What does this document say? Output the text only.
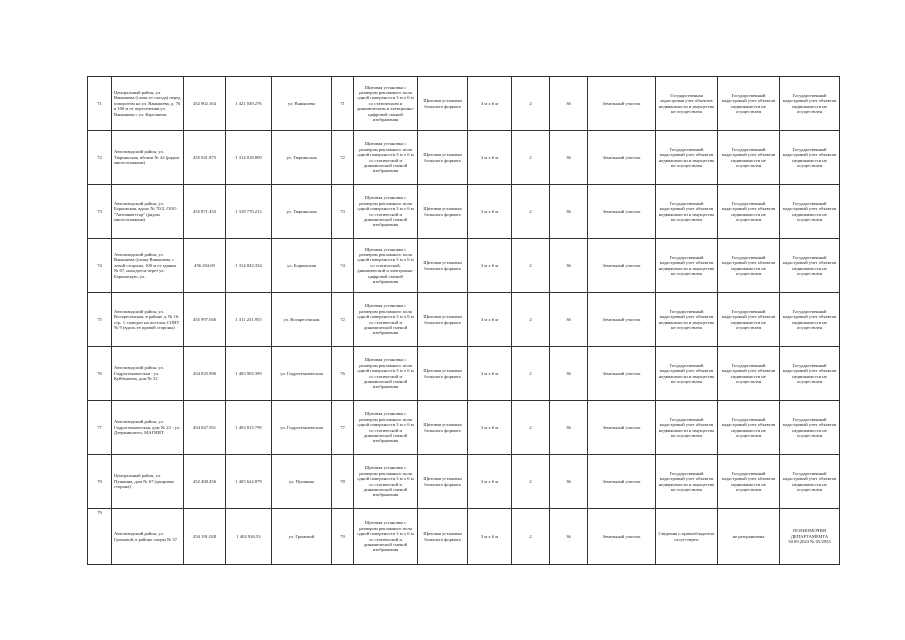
71	Центральный район, ул. Ванышева (слева от съезда) перед поворотом на ул. Ванышева, д. 76 в 100 м от пересечения ул. Ванышева с ул. Карташева	452 902.164	1 421 049.276	ул. Ванышева	71	Щитовая установка с размером рекламного поля одной поверхности 3 м х 6 м со статическим и динамическим и электронно-цифровой сменой изображения	Щитовая установка большого формата	3 м х 6 м	2	36	Земельный участок	Государственная кадастровая учет объектов недвижимости и имущества не осуществлен	Государственный кадастровый учет объектов недвижимости не осуществлен	Государственный кадастровый учет объектов недвижимости не осуществлен
72	Автозаводский район, ул. Тюриньская, вблизи № 42 (рядом многоэтажным)	455 041.875	1 314 018.809	ул. Тюриньская	72	Щитовая установка с размером рекламного поля одной поверхности 3 м х 6 м со статической и динамической сменой изображения	Щитовая установка большого формата	3 м х 6 м	2	36	Земельный участок	Государственный кадастровый учет объектов недвижимости и имущества не осуществлен	Государственный кадастровый учет объектов недвижимости не осуществлен	Государственный кадастровый учет объектов недвижимости не осуществлен
73	Автозаводский район, ул. Борковская, вдоль № 70/2, ООО "Автоинвестор" (рядом многоэтажным)	455 871.433	1 318 770.213	ул. Тюриньская	73	Щитовая установка с размером рекламного поля одной поверхности 3 м х 6 м со статической и динамической сменой изображения	Щитовая установка большого формата	3 м х 6 м	2	36	Земельный участок	Государственный кадастровый учет объектов недвижимости и имущества не осуществлен	Государственный кадастровый учет объектов недвижимости не осуществлен	Государственный кадастровый учет объектов недвижимости не осуществлен
74	Автозаводский район, ул. Ванышева (улица Ванышева, с левой стороны, 100 м от здания № 67, находится через ул. Борковскую, ул.	456 294.69	1 314 843.354	ул. Борковская	74	Щитовая установка с размером рекламного поля одной поверхности 3 м х 6 м со статической, динамической и электронно-цифровой сменой изображения	Щитовая установка большого формата	3 м х 6 м	2	36	Земельный участок	Государственный кадастровый учет объектов недвижимости и имущества не осуществлен	Государственный кадастровый учет объектов недвижимости не осуществлен	Государственный кадастровый учет объектов недвижимости не осуществлен
75	Автозаводский район, ул. Воскресенская, в районе д. № 16, стр. 1, поворот на поселок СОНТ № 9 (вдоль ее правой стороны)	455 997.046	1 311 231.955	ул. Воскресенская	72	Щитовая установка с размером рекламного поля одной поверхности 3 м х 6 м со статической и динамической сменой изображения	Щитовая установка большого формата	3 м х 6 м	2	36	Земельный участок	Государственный кадастровый учет объектов недвижимости и имущества не осуществлен	Государственный кадастровый учет объектов недвижимости не осуществлен	Государственный кадастровый учет объектов недвижимости не осуществлен
76	Автозаводский район, ул. Гидротехническая - ул. Куйбышева, дом № 32	454 035.996	1 403 903.399	ул. Гидротехническая	76	Щитовая установка с размером рекламного поля одной поверхности 3 м х 6 м со статической и динамической сменой изображения	Щитовая установка большого формата	3 м х 6 м	2	36	Земельный участок	Государственный кадастровый учет объектов недвижимости и имущества не осуществлен	Государственный кадастровый учет объектов недвижимости не осуществлен	Государственный кадастровый учет объектов недвижимости не осуществлен
77	Автозаводский район, ул. Гидротехническая, дом № 23 - ул. Дзержинского, МАГНИТ	454 047.591	1 403 813.799	ул. Гидротехническая	77	Щитовая установка с размером рекламного поля одной поверхности 3 м х 6 м со статической и динамической сменой изображения	Щитовая установка большого формата	3 м х 6 м	2	36	Земельный участок	Государственный кадастровый учет объектов недвижимости и имущества не осуществлен	Государственный кадастровый учет объектов недвижимости не осуществлен	Государственный кадастровый учет объектов недвижимости не осуществлен
78	Центральный район, ул. Пушкина, дом № 67 (дворовая сторона)	452 408.456	1 405 624.879	ул. Пушкина	78	Щитовая установка с размером рекламного поля одной поверхности 3 м х 6 м со статической и динамической сменой изображения	Щитовая установка большого формата	3 м х 6 м	2	36	Земельный участок	Государственный кадастровый учет объектов недвижимости и имущества не осуществлен	Государственный кадастровый учет объектов недвижимости не осуществлен	Государственный кадастровый учет объектов недвижимости не осуществлен
79	Автозаводский район, ул. Громовой, в районе опоры № 37	454 191.028	1 402 926.53	ул. Громовой	79	Щитовая установка с размером рекламного поля одной поверхности 3 м х 6 м со статической и динамической сменой изображения	Щитовая установка большого формата	3 м х 6 м	2	36	Земельный участок	Сведения о правообладателе отсутствуют	не разграничена	ПОЛНОМОЧИЯ ДЕПАРТАМЕНТА 30.09.2024 № 05/2053
